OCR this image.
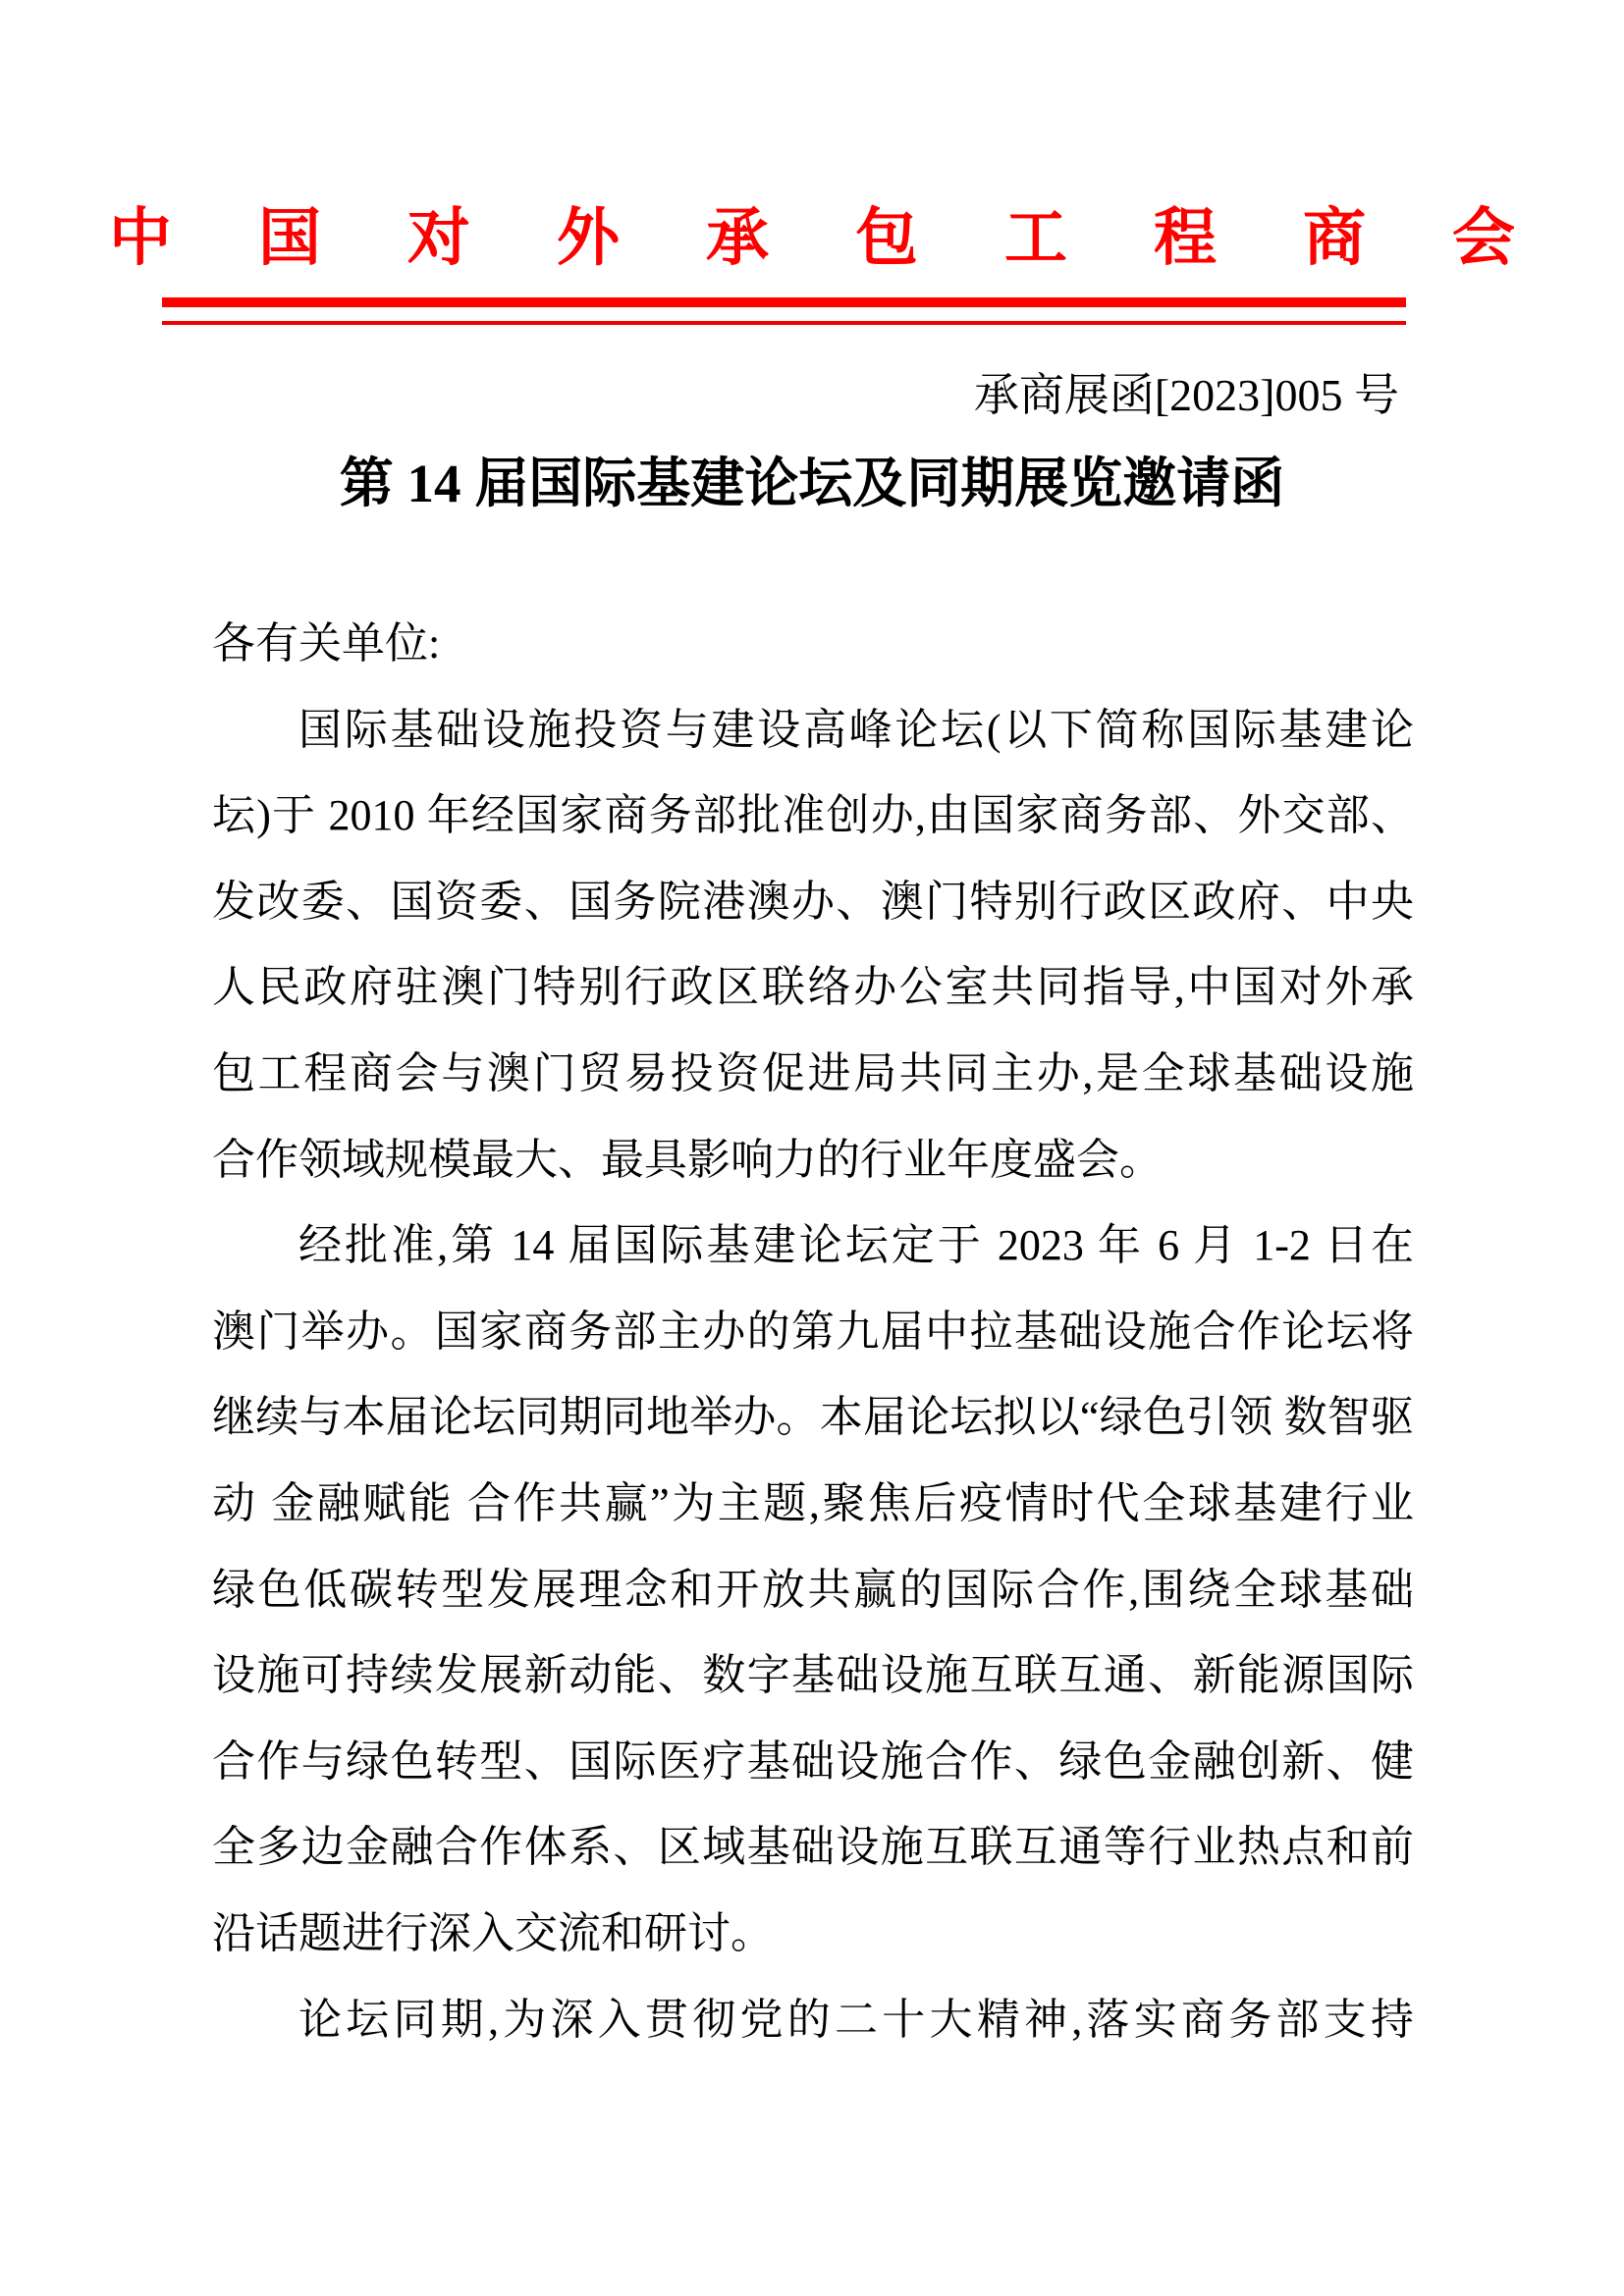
中 国 对 外 承 包 工 程 商 会
承商展函[2023]005 号
第 14 届国际基建论坛及同期展览邀请函
各有关单位:
国际基础设施投资与建设高峰论坛(以下简称国际基建论
坛)于 2010 年经国家商务部批准创办,由国家商务部、外交部、
发改委、国资委、国务院港澳办、澳门特别行政区政府、中央
人民政府驻澳门特别行政区联络办公室共同指导,中国对外承
包工程商会与澳门贸易投资促进局共同主办,是全球基础设施
合作领域规模最大、最具影响力的行业年度盛会。
经批准,第 14 届国际基建论坛定于 2023 年 6 月 1-2 日在
澳门举办。国家商务部主办的第九届中拉基础设施合作论坛将
继续与本届论坛同期同地举办。本届论坛拟以“绿色引领 数智驱
动 金融赋能 合作共赢”为主题,聚焦后疫情时代全球基建行业
绿色低碳转型发展理念和开放共赢的国际合作,围绕全球基础
设施可持续发展新动能、数字基础设施互联互通、新能源国际
合作与绿色转型、国际医疗基础设施合作、绿色金融创新、健
全多边金融合作体系、区域基础设施互联互通等行业热点和前
沿话题进行深入交流和研讨。
论坛同期,为深入贯彻党的二十大精神,落实商务部支持
